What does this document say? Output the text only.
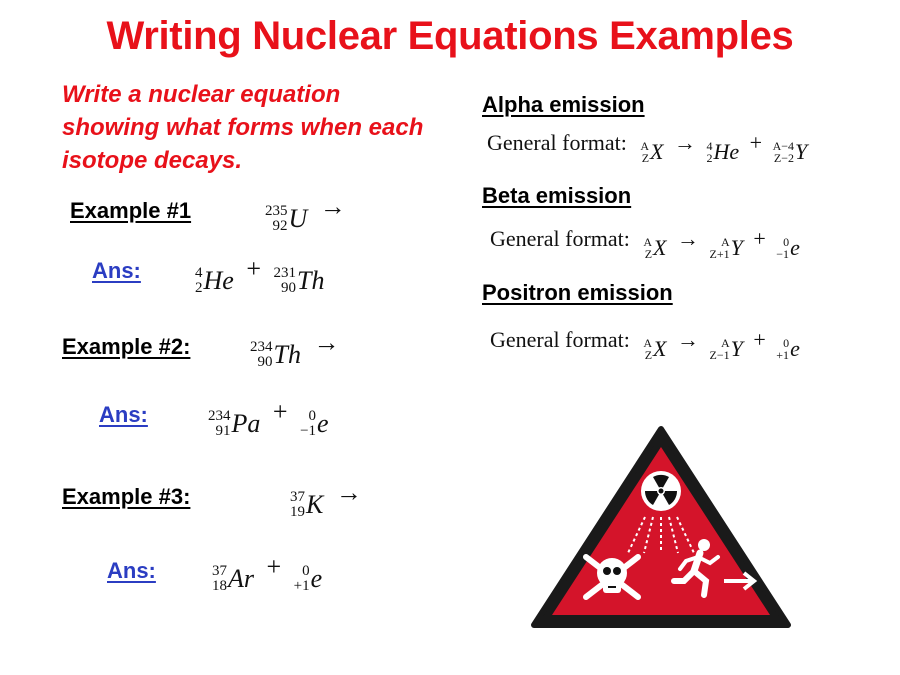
Writing Nuclear Equations Examples
Write a nuclear equation showing what forms when each isotope decays.
Example #1	235
92 U →
Ans:	4
2 He + 231
90 Th
Example #2:	234
90 Th →
Ans:	234
91 Pa + 0
−1 e
Example #3:	37
19 K →
Ans:	37
18 Ar + 0
+1 e
Alpha emission
General format: A
Z X → 4
2 He + A−4
Z−2 Y
Beta emission
General format: A
Z X → A
Z+1 Y + 0
−1 e
Positron emission
General format: A
Z X → A
Z−1 Y + 0
+1 e
